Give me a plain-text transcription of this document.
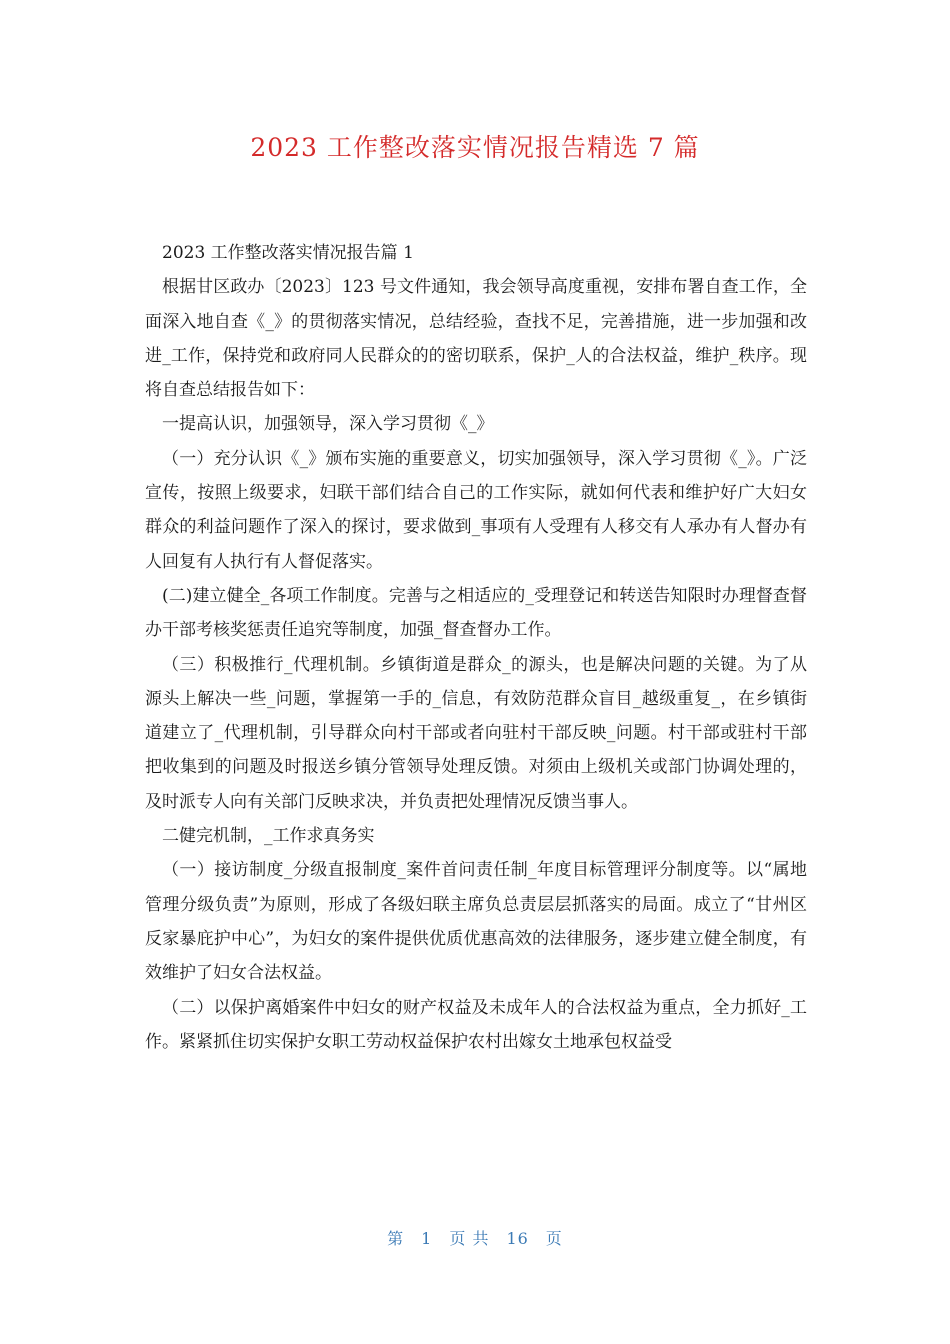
2023 工作整改落实情况报告精选 7 篇

2023 工作整改落实情况报告篇 1

根据甘区政办〔2023〕123 号文件通知，我会领导高度重视，安排布署自查工作，全面深入地自查《_》的贯彻落实情况，总结经验，查找不足，完善措施，进一步加强和改进_工作，保持党和政府同人民群众的的密切联系，保护_人的合法权益，维护_秩序。现将自查总结报告如下：

一提高认识，加强领导，深入学习贯彻《_》

（一）充分认识《_》颁布实施的重要意义，切实加强领导，深入学习贯彻《_》。广泛宣传，按照上级要求，妇联干部们结合自己的工作实际，就如何代表和维护好广大妇女群众的利益问题作了深入的探讨，要求做到_事项有人受理有人移交有人承办有人督办有人回复有人执行有人督促落实。

(二)建立健全_各项工作制度。完善与之相适应的_受理登记和转送告知限时办理督查督办干部考核奖惩责任追究等制度，加强_督查督办工作。

（三）积极推行_代理机制。乡镇街道是群众_的源头，也是解决问题的关键。为了从源头上解决一些_问题，掌握第一手的_信息，有效防范群众盲目_越级重复_，在乡镇街道建立了_代理机制，引导群众向村干部或者向驻村干部反映_问题。村干部或驻村干部把收集到的问题及时报送乡镇分管领导处理反馈。对须由上级机关或部门协调处理的，及时派专人向有关部门反映求决，并负责把处理情况反馈当事人。

二健完机制，_工作求真务实

（一）接访制度_分级直报制度_案件首问责任制_年度目标管理评分制度等。以“属地管理分级负责”为原则，形成了各级妇联主席负总责层层抓落实的局面。成立了“甘州区反家暴庇护中心”，为妇女的案件提供优质优惠高效的法律服务，逐步建立健全制度，有效维护了妇女合法权益。

（二）以保护离婚案件中妇女的财产权益及未成年人的合法权益为重点，全力抓好_工作。紧紧抓住切实保护女职工劳动权益保护农村出嫁女土地承包权益受

第　1　页 共　16　页
